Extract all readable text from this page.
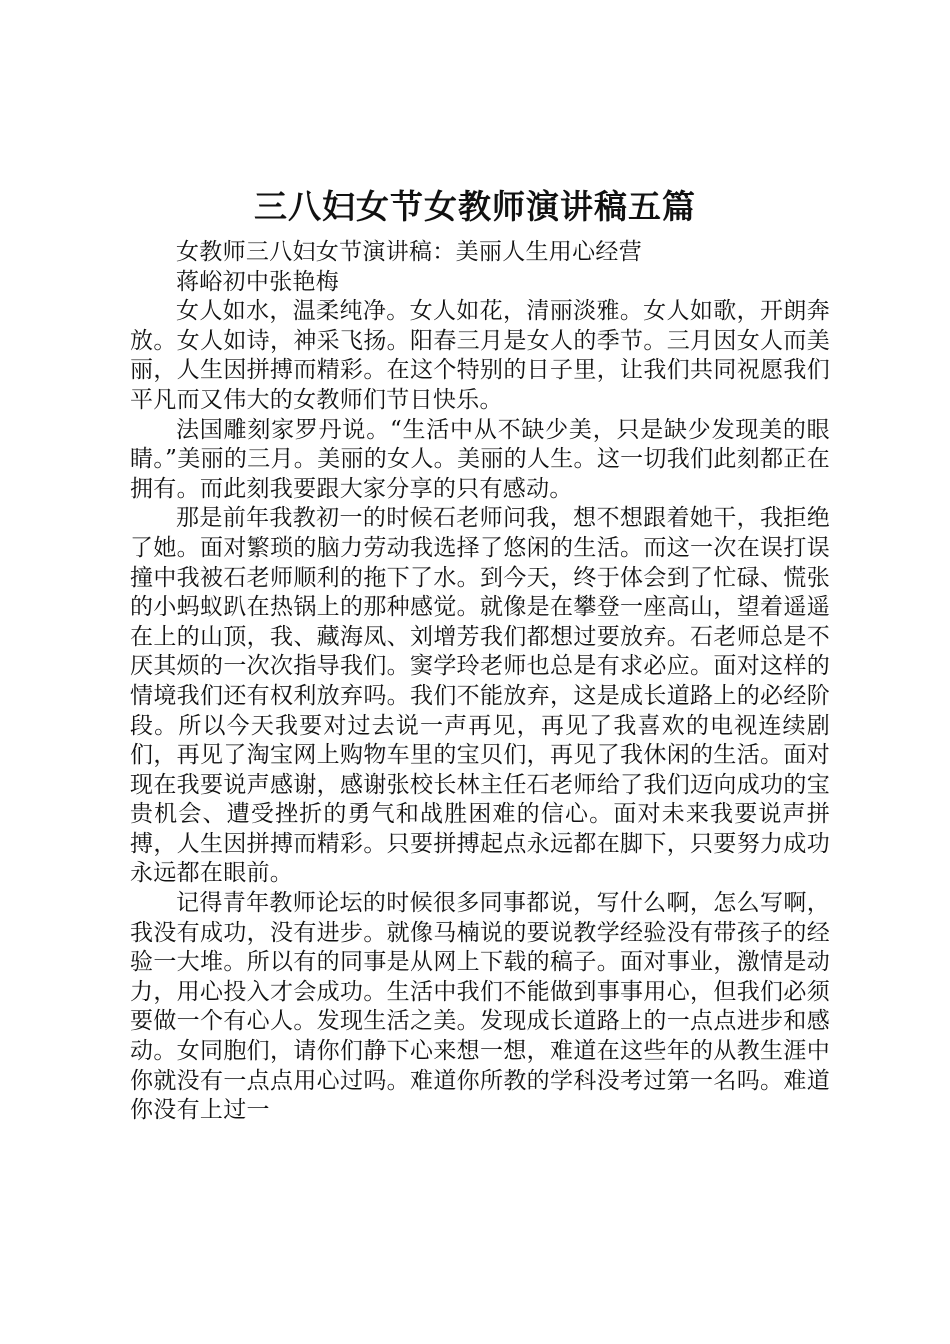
三八妇女节女教师演讲稿五篇

女教师三八妇女节演讲稿：美丽人生用心经营

蒋峪初中张艳梅

女人如水，温柔纯净。女人如花，清丽淡雅。女人如歌，开朗奔放。女人如诗，神采飞扬。阳春三月是女人的季节。三月因女人而美丽，人生因拼搏而精彩。在这个特别的日子里，让我们共同祝愿我们平凡而又伟大的女教师们节日快乐。

法国雕刻家罗丹说。“生活中从不缺少美，只是缺少发现美的眼睛。”美丽的三月。美丽的女人。美丽的人生。这一切我们此刻都正在拥有。而此刻我要跟大家分享的只有感动。

那是前年我教初一的时候石老师问我，想不想跟着她干，我拒绝了她。面对繁琐的脑力劳动我选择了悠闲的生活。而这一次在误打误撞中我被石老师顺利的拖下了水。到今天，终于体会到了忙碌、慌张的小蚂蚁趴在热锅上的那种感觉。就像是在攀登一座高山，望着遥遥在上的山顶，我、藏海凤、刘增芳我们都想过要放弃。石老师总是不厌其烦的一次次指导我们。窦学玲老师也总是有求必应。面对这样的情境我们还有权利放弃吗。我们不能放弃，这是成长道路上的必经阶段。所以今天我要对过去说一声再见，再见了我喜欢的电视连续剧们，再见了淘宝网上购物车里的宝贝们，再见了我休闲的生活。面对现在我要说声感谢，感谢张校长林主任石老师给了我们迈向成功的宝贵机会、遭受挫折的勇气和战胜困难的信心。面对未来我要说声拼搏，人生因拼搏而精彩。只要拼搏起点永远都在脚下，只要努力成功永远都在眼前。

记得青年教师论坛的时候很多同事都说，写什么啊，怎么写啊，我没有成功，没有进步。就像马楠说的要说教学经验没有带孩子的经验一大堆。所以有的同事是从网上下载的稿子。面对事业，激情是动力，用心投入才会成功。生活中我们不能做到事事用心，但我们必须要做一个有心人。发现生活之美。发现成长道路上的一点点进步和感动。女同胞们，请你们静下心来想一想，难道在这些年的从教生涯中你就没有一点点用心过吗。难道你所教的学科没考过第一名吗。难道你没有上过一
